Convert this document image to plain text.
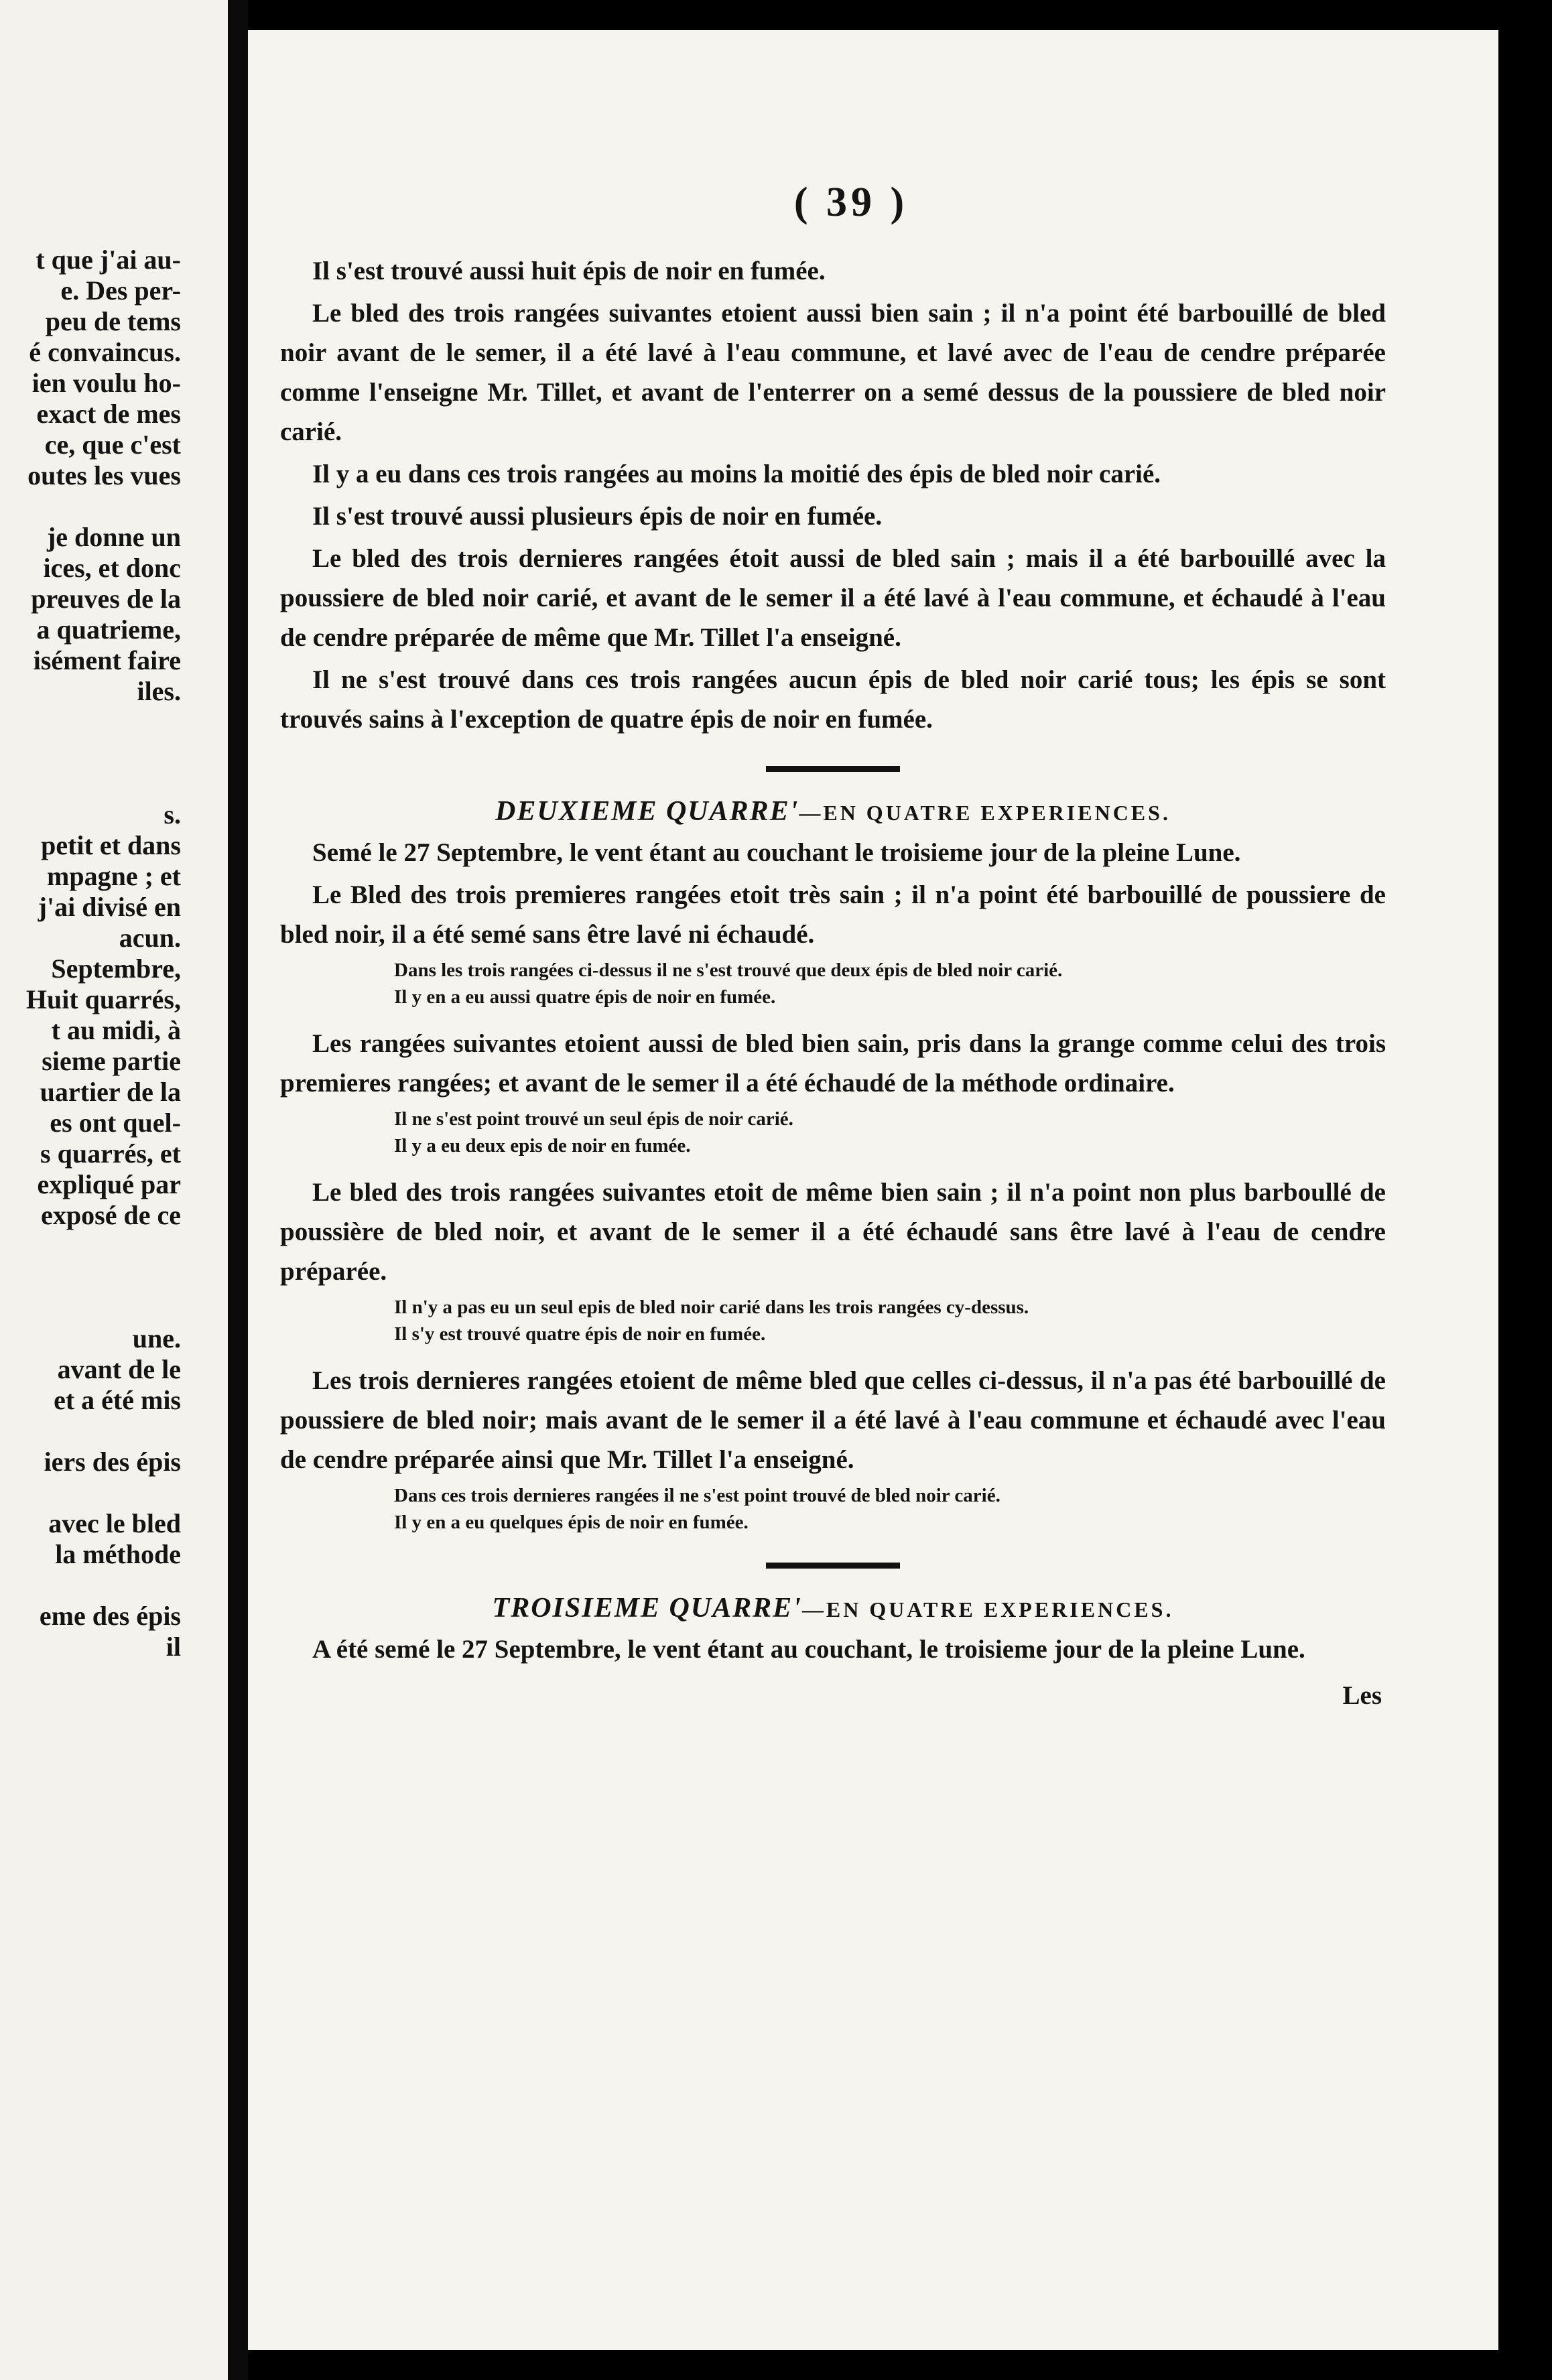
t que j'ai au-
e. Des per-
peu de tems
é convaincus.
ien voulu ho-
exact de mes
ce, que c'est
outes les vues
je donne un
ices, et donc
preuves de la
a quatrieme,
isément faire
iles.
s.
petit et dans
mpagne ; et
j'ai divisé en
acun.
Septembre,
Huit quarrés,
t au midi, à
sieme partie
uartier de la
es ont quel-
s quarrés, et
expliqué par
exposé de ce
une.
avant de le
et a été mis
iers des épis
avec le bled
la méthode
eme des épis
il
( 39 )

Il s'est trouvé aussi huit épis de noir en fumée.

Le bled des trois rangées suivantes etoient aussi bien sain ; il n'a point été barbouillé de bled noir avant de le semer, il a été lavé à l'eau commune, et lavé avec de l'eau de cendre préparée comme l'enseigne Mr. Tillet, et avant de l'enterrer on a semé dessus de la poussiere de bled noir carié.

Il y a eu dans ces trois rangées au moins la moitié des épis de bled noir carié.

Il s'est trouvé aussi plusieurs épis de noir en fumée.

Le bled des trois dernieres rangées étoit aussi de bled sain ; mais il a été barbouillé avec la poussiere de bled noir carié, et avant de le semer il a été lavé à l'eau commune, et échaudé à l'eau de cendre préparée de même que Mr. Tillet l'a enseigné.

Il ne s'est trouvé dans ces trois rangées aucun épis de bled noir carié tous; les épis se sont trouvés sains à l'exception de quatre épis de noir en fumée.

DEUXIEME QUARRE'—EN QUATRE EXPERIENCES.

Semé le 27 Septembre, le vent étant au couchant le troisieme jour de la pleine Lune.

Le Bled des trois premieres rangées etoit très sain ; il n'a point été barbouillé de poussiere de bled noir, il a été semé sans être lavé ni échaudé.

Dans les trois rangées ci-dessus il ne s'est trouvé que deux épis de bled noir carié.
Il y en a eu aussi quatre épis de noir en fumée.

Les rangées suivantes etoient aussi de bled bien sain, pris dans la grange comme celui des trois premieres rangées; et avant de le semer il a été échaudé de la méthode ordinaire.

Il ne s'est point trouvé un seul épis de noir carié.
Il y a eu deux epis de noir en fumée.

Le bled des trois rangées suivantes etoit de même bien sain ; il n'a point non plus barboullé de poussière de bled noir, et avant de le semer il a été échaudé sans être lavé à l'eau de cendre préparée.

Il n'y a pas eu un seul epis de bled noir carié dans les trois rangées cy-dessus.
Il s'y est trouvé quatre épis de noir en fumée.

Les trois dernieres rangées etoient de même bled que celles ci-dessus, il n'a pas été barbouillé de poussiere de bled noir; mais avant de le semer il a été lavé à l'eau commune et échaudé avec l'eau de cendre préparée ainsi que Mr. Tillet l'a enseigné.

Dans ces trois dernieres rangées il ne s'est point trouvé de bled noir carié.
Il y en a eu quelques épis de noir en fumée.
TROISIEME QUARRE'—EN QUATRE EXPERIENCES.

A été semé le 27 Septembre, le vent étant au couchant, le troisieme jour de la pleine Lune.

Les
